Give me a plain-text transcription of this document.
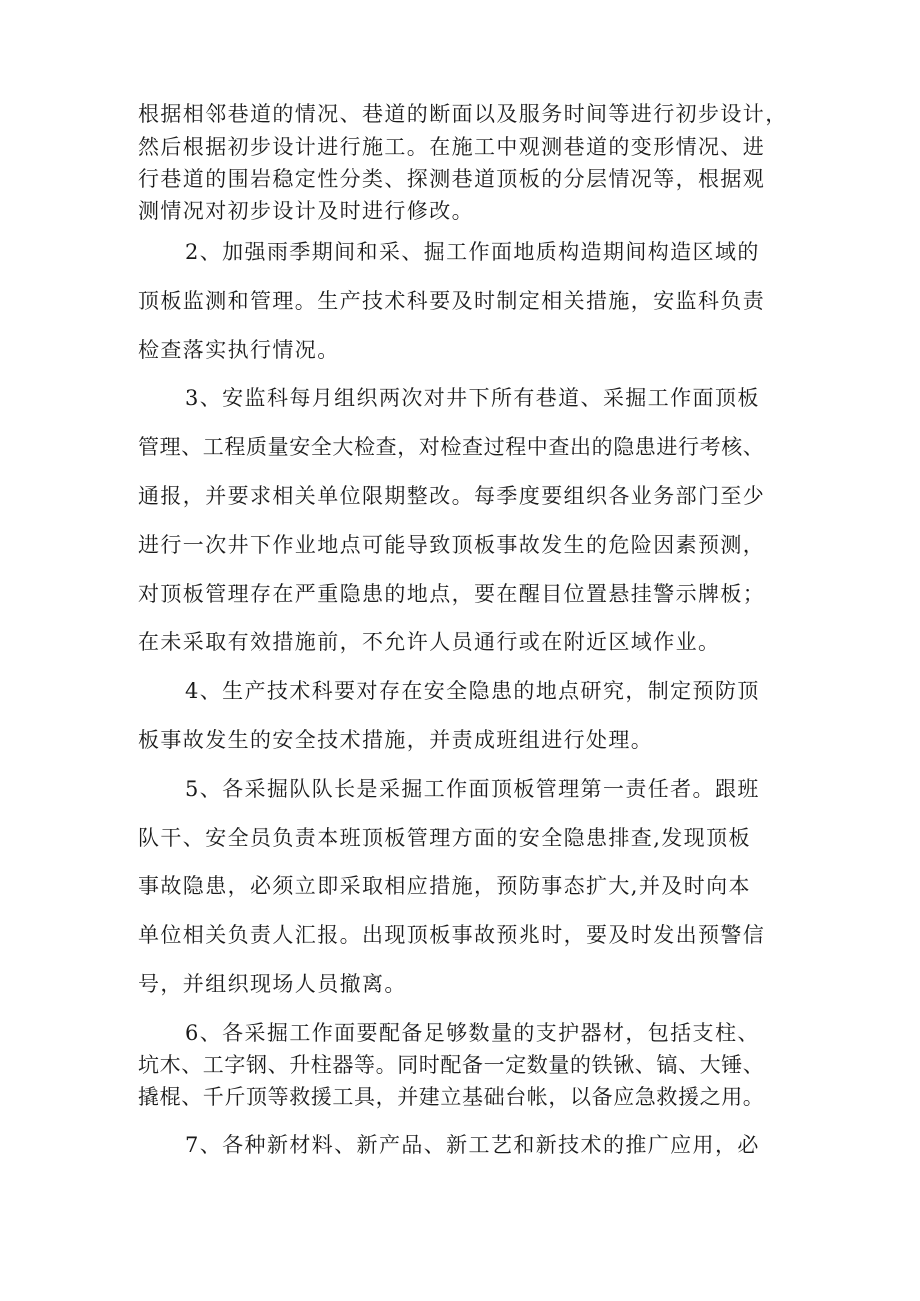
根据相邻巷道的情况、巷道的断面以及服务时间等进行初步设计，
然后根据初步设计进行施工。在施工中观测巷道的变形情况、进
行巷道的围岩稳定性分类、探测巷道顶板的分层情况等，根据观
测情况对初步设计及时进行修改。
2、加强雨季期间和采、掘工作面地质构造期间构造区域的
顶板监测和管理。生产技术科要及时制定相关措施，安监科负责
检查落实执行情况。
3、安监科每月组织两次对井下所有巷道、采掘工作面顶板
管理、工程质量安全大检查，对检查过程中查出的隐患进行考核、
通报，并要求相关单位限期整改。每季度要组织各业务部门至少
进行一次井下作业地点可能导致顶板事故发生的危险因素预测，
对顶板管理存在严重隐患的地点，要在醒目位置悬挂警示牌板；
在未采取有效措施前，不允许人员通行或在附近区域作业。
4、生产技术科要对存在安全隐患的地点研究，制定预防顶
板事故发生的安全技术措施，并责成班组进行处理。
5、各采掘队队长是采掘工作面顶板管理第一责任者。跟班
队干、安全员负责本班顶板管理方面的安全隐患排查,发现顶板
事故隐患，必须立即采取相应措施，预防事态扩大,并及时向本
单位相关负责人汇报。出现顶板事故预兆时，要及时发出预警信
号，并组织现场人员撤离。
6、各采掘工作面要配备足够数量的支护器材，包括支柱、
坑木、工字钢、升柱器等。同时配备一定数量的铁锹、镐、大锤、
撬棍、千斤顶等救援工具，并建立基础台帐，以备应急救援之用。
7、各种新材料、新产品、新工艺和新技术的推广应用，必
